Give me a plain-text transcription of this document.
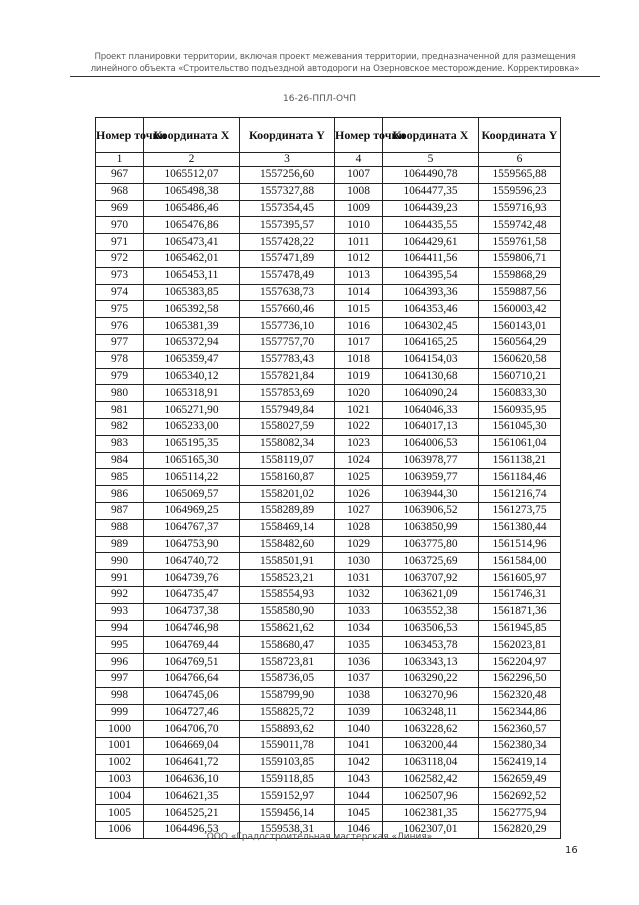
Проект планировки территории, включая проект межевания территории, предназначенной для размещения

линейного объекта «Строительство подъездной автодороги на Озерновское месторождение. Корректировка»
16-26-ППЛ-ОЧП
Номер точки	Координата X	Координата Y	Номер точки	Координата X	Координата Y
1	2	3	4	5	6
967	1065512,07	1557256,60	1007	1064490,78	1559565,88
968	1065498,38	1557327,88	1008	1064477,35	1559596,23
969	1065486,46	1557354,45	1009	1064439,23	1559716,93
970	1065476,86	1557395,57	1010	1064435,55	1559742,48
971	1065473,41	1557428,22	1011	1064429,61	1559761,58
972	1065462,01	1557471,89	1012	1064411,56	1559806,71
973	1065453,11	1557478,49	1013	1064395,54	1559868,29
974	1065383,85	1557638,73	1014	1064393,36	1559887,56
975	1065392,58	1557660,46	1015	1064353,46	1560003,42
976	1065381,39	1557736,10	1016	1064302,45	1560143,01
977	1065372,94	1557757,70	1017	1064165,25	1560564,29
978	1065359,47	1557783,43	1018	1064154,03	1560620,58
979	1065340,12	1557821,84	1019	1064130,68	1560710,21
980	1065318,91	1557853,69	1020	1064090,24	1560833,30
981	1065271,90	1557949,84	1021	1064046,33	1560935,95
982	1065233,00	1558027,59	1022	1064017,13	1561045,30
983	1065195,35	1558082,34	1023	1064006,53	1561061,04
984	1065165,30	1558119,07	1024	1063978,77	1561138,21
985	1065114,22	1558160,87	1025	1063959,77	1561184,46
986	1065069,57	1558201,02	1026	1063944,30	1561216,74
987	1064969,25	1558289,89	1027	1063906,52	1561273,75
988	1064767,37	1558469,14	1028	1063850,99	1561380,44
989	1064753,90	1558482,60	1029	1063775,80	1561514,96
990	1064740,72	1558501,91	1030	1063725,69	1561584,00
991	1064739,76	1558523,21	1031	1063707,92	1561605,97
992	1064735,47	1558554,93	1032	1063621,09	1561746,31
993	1064737,38	1558580,90	1033	1063552,38	1561871,36
994	1064746,98	1558621,62	1034	1063506,53	1561945,85
995	1064769,44	1558680,47	1035	1063453,78	1562023,81
996	1064769,51	1558723,81	1036	1063343,13	1562204,97
997	1064766,64	1558736,05	1037	1063290,22	1562296,50
998	1064745,06	1558799,90	1038	1063270,96	1562320,48
999	1064727,46	1558825,72	1039	1063248,11	1562344,86
1000	1064706,70	1558893,62	1040	1063228,62	1562360,57
1001	1064669,04	1559011,78	1041	1063200,44	1562380,34
1002	1064641,72	1559103,85	1042	1063118,04	1562419,14
1003	1064636,10	1559118,85	1043	1062582,42	1562659,49
1004	1064621,35	1559152,97	1044	1062507,96	1562692,52
1005	1064525,21	1559456,14	1045	1062381,35	1562775,94
1006	1064496,53	1559538,31	1046	1062307,01	1562820,29
ООО «Градостроительная мастерская «Линия»
16
